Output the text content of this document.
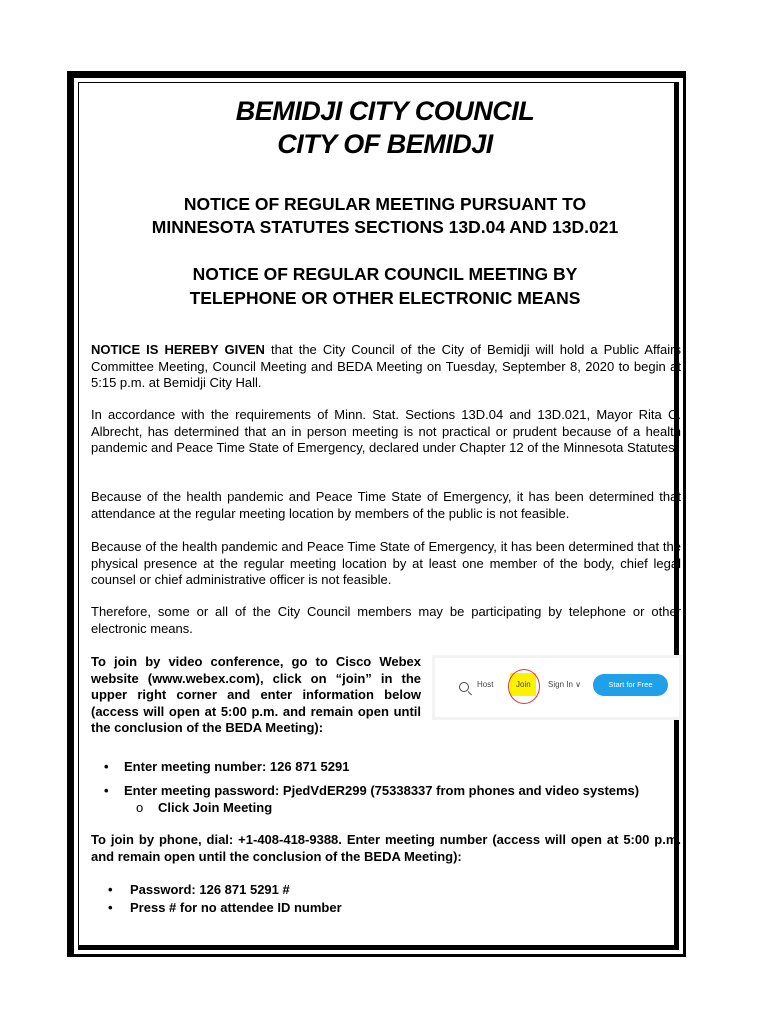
BEMIDJI CITY COUNCIL
CITY OF BEMIDJI
NOTICE OF REGULAR MEETING PURSUANT TO
MINNESOTA STATUTES SECTIONS 13D.04 AND 13D.021
NOTICE OF REGULAR COUNCIL MEETING BY
TELEPHONE OR OTHER ELECTRONIC MEANS
NOTICE IS HEREBY GIVEN that the City Council of the City of Bemidji will hold a Public Affairs Committee Meeting, Council Meeting and BEDA Meeting on Tuesday, September 8, 2020 to begin at 5:15 p.m. at Bemidji City Hall.
In accordance with the requirements of Minn. Stat. Sections 13D.04 and 13D.021, Mayor Rita C. Albrecht, has determined that an in person meeting is not practical or prudent because of a health pandemic and Peace Time State of Emergency, declared under Chapter 12 of the Minnesota Statutes.
Because of the health pandemic and Peace Time State of Emergency, it has been determined that attendance at the regular meeting location by members of the public is not feasible.
Because of the health pandemic and Peace Time State of Emergency, it has been determined that the physical presence at the regular meeting location by at least one member of the body, chief legal counsel or chief administrative officer is not feasible.
Therefore, some or all of the City Council members may be participating by telephone or other electronic means.
To join by video conference, go to Cisco Webex website (www.webex.com), click on “join” in the upper right corner and enter information below (access will open at 5:00 p.m. and remain open until the conclusion of the BEDA Meeting):
Host	Join Sign In ∨	Start for Free
• Enter meeting number: 126 871 5291
• Enter meeting password: PjedVdER299 (75338337 from phones and video systems)
o Click Join Meeting
To join by phone, dial: +1-408-418-9388. Enter meeting number (access will open at 5:00 p.m. and remain open until the conclusion of the BEDA Meeting):
• Password: 126 871 5291 #
• Press # for no attendee ID number
